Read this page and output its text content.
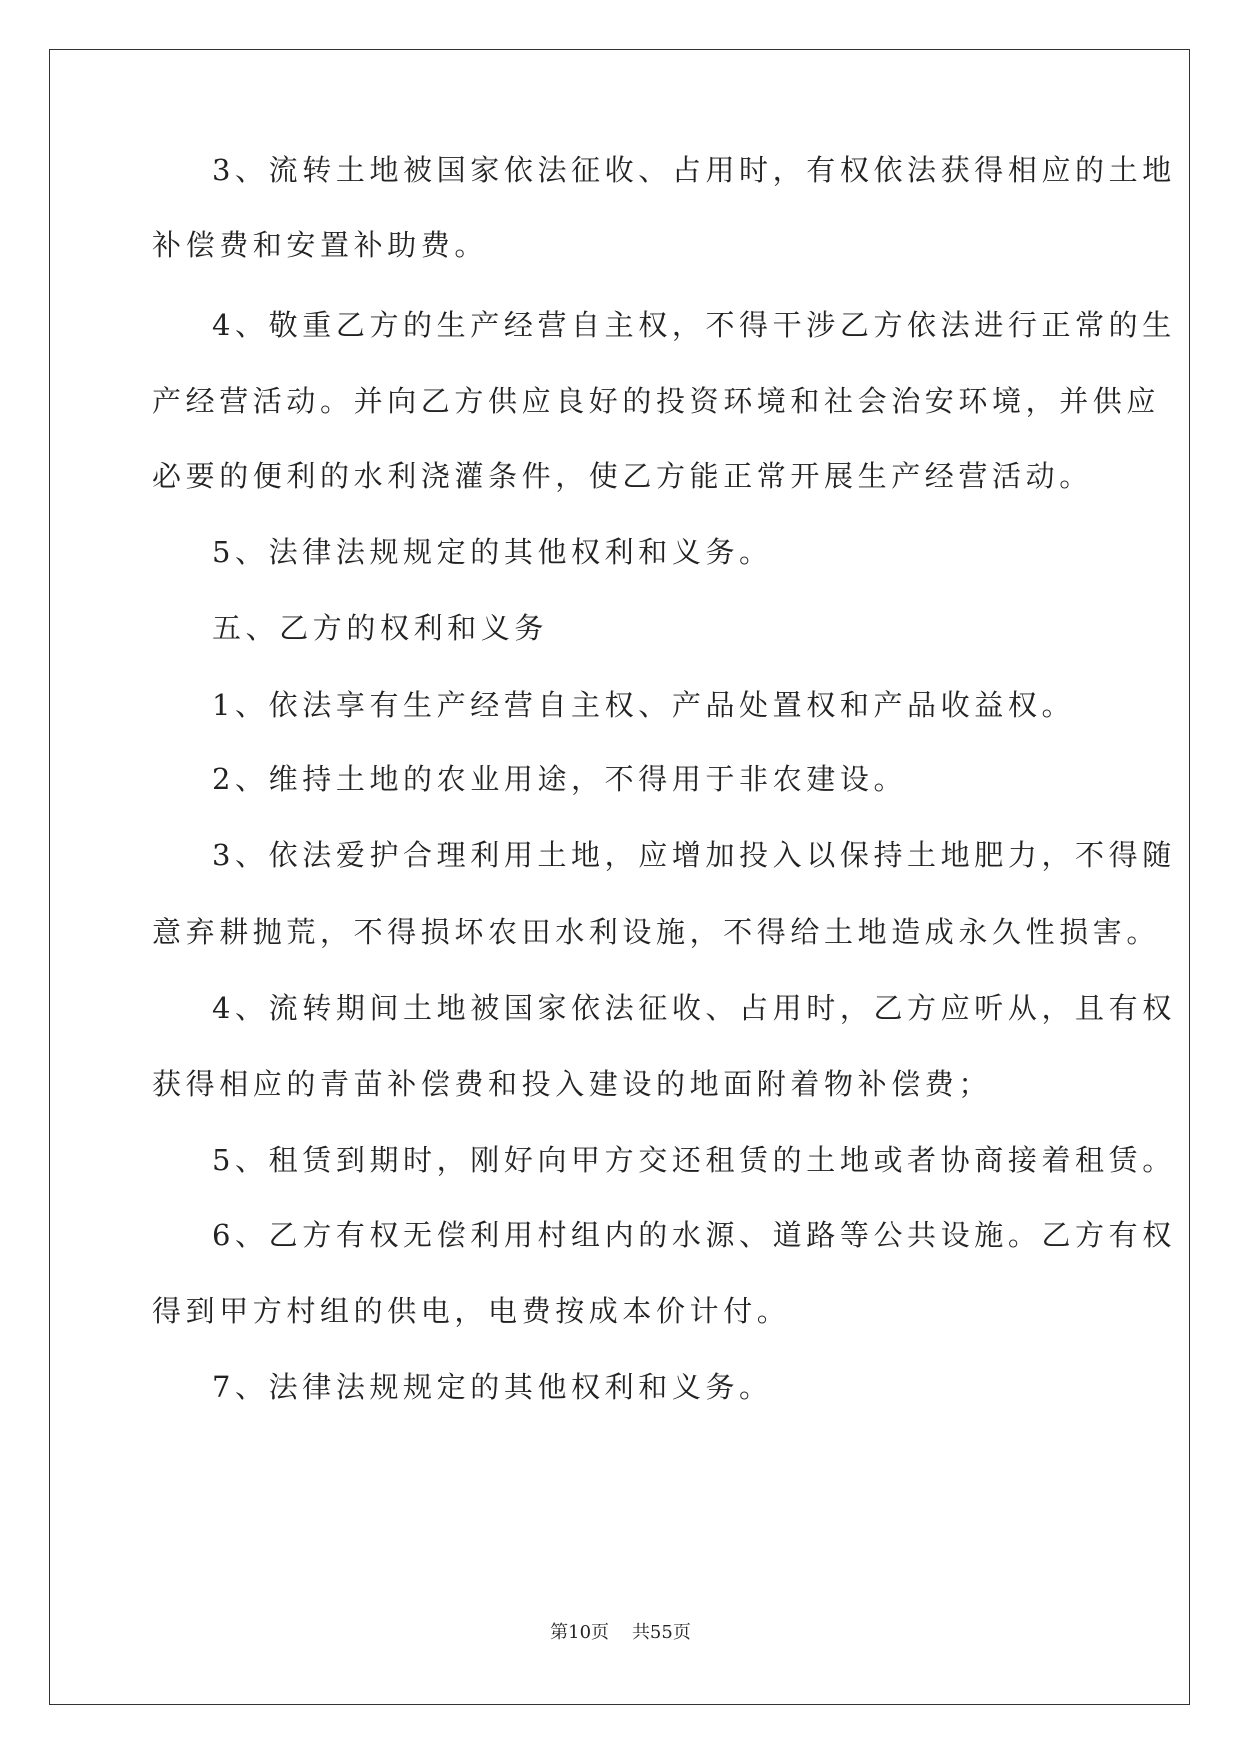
3、流转土地被国家依法征收、占用时，有权依法获得相应的土地
补偿费和安置补助费。
4、敬重乙方的生产经营自主权，不得干涉乙方依法进行正常的生
产经营活动。并向乙方供应良好的投资环境和社会治安环境，并供应
必要的便利的水利浇灌条件，使乙方能正常开展生产经营活动。
5、法律法规规定的其他权利和义务。
五、乙方的权利和义务
1、依法享有生产经营自主权、产品处置权和产品收益权。
2、维持土地的农业用途，不得用于非农建设。
3、依法爱护合理利用土地，应增加投入以保持土地肥力，不得随
意弃耕抛荒，不得损坏农田水利设施，不得给土地造成永久性损害。
4、流转期间土地被国家依法征收、占用时，乙方应听从，且有权
获得相应的青苗补偿费和投入建设的地面附着物补偿费；
5、租赁到期时，刚好向甲方交还租赁的土地或者协商接着租赁。
6、乙方有权无偿利用村组内的水源、道路等公共设施。乙方有权
得到甲方村组的供电，电费按成本价计付。
7、法律法规规定的其他权利和义务。
第10页 共55页
